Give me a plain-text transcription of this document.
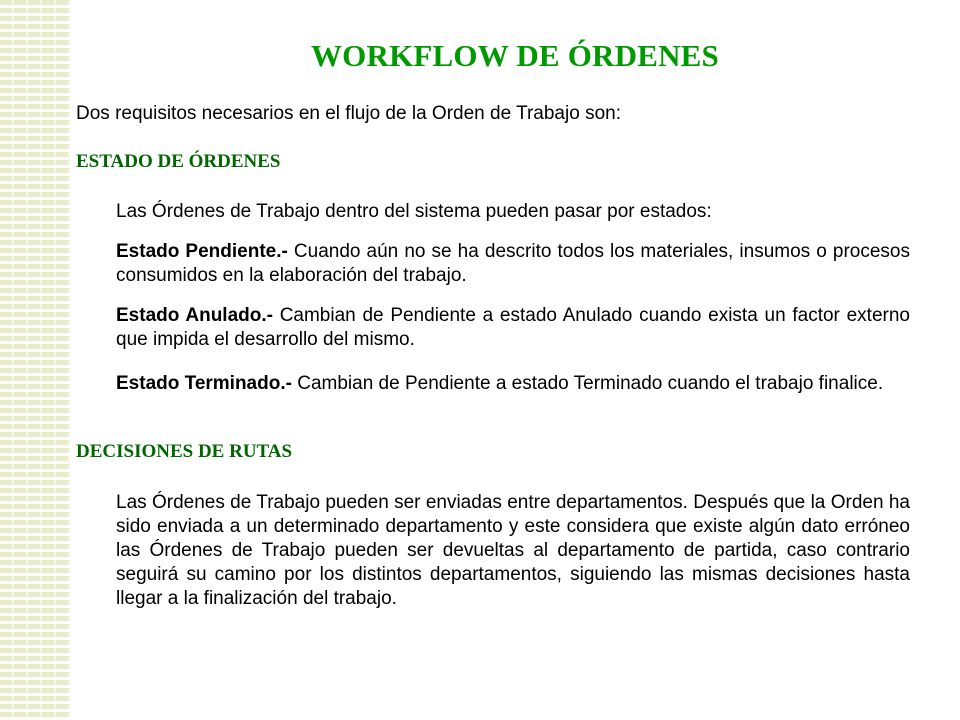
WORKFLOW DE ÓRDENES
Dos requisitos necesarios en el flujo de la Orden de Trabajo son:
ESTADO DE ÓRDENES
Las Órdenes de Trabajo dentro del sistema pueden pasar por estados:
Estado Pendiente.- Cuando aún no se ha descrito todos los materiales, insumos o procesos consumidos en la elaboración del trabajo.
Estado Anulado.- Cambian de Pendiente a estado Anulado cuando exista un factor externo que impida el desarrollo del mismo.
Estado Terminado.- Cambian de Pendiente a estado Terminado cuando el trabajo finalice.
DECISIONES DE RUTAS
Las Órdenes de Trabajo pueden ser enviadas entre departamentos. Después que la Orden ha sido enviada a un determinado departamento y este considera que existe algún dato erróneo las Órdenes de Trabajo pueden ser devueltas al departamento de partida, caso contrario seguirá su camino por los distintos departamentos, siguiendo las mismas decisiones hasta llegar a la finalización del trabajo.
